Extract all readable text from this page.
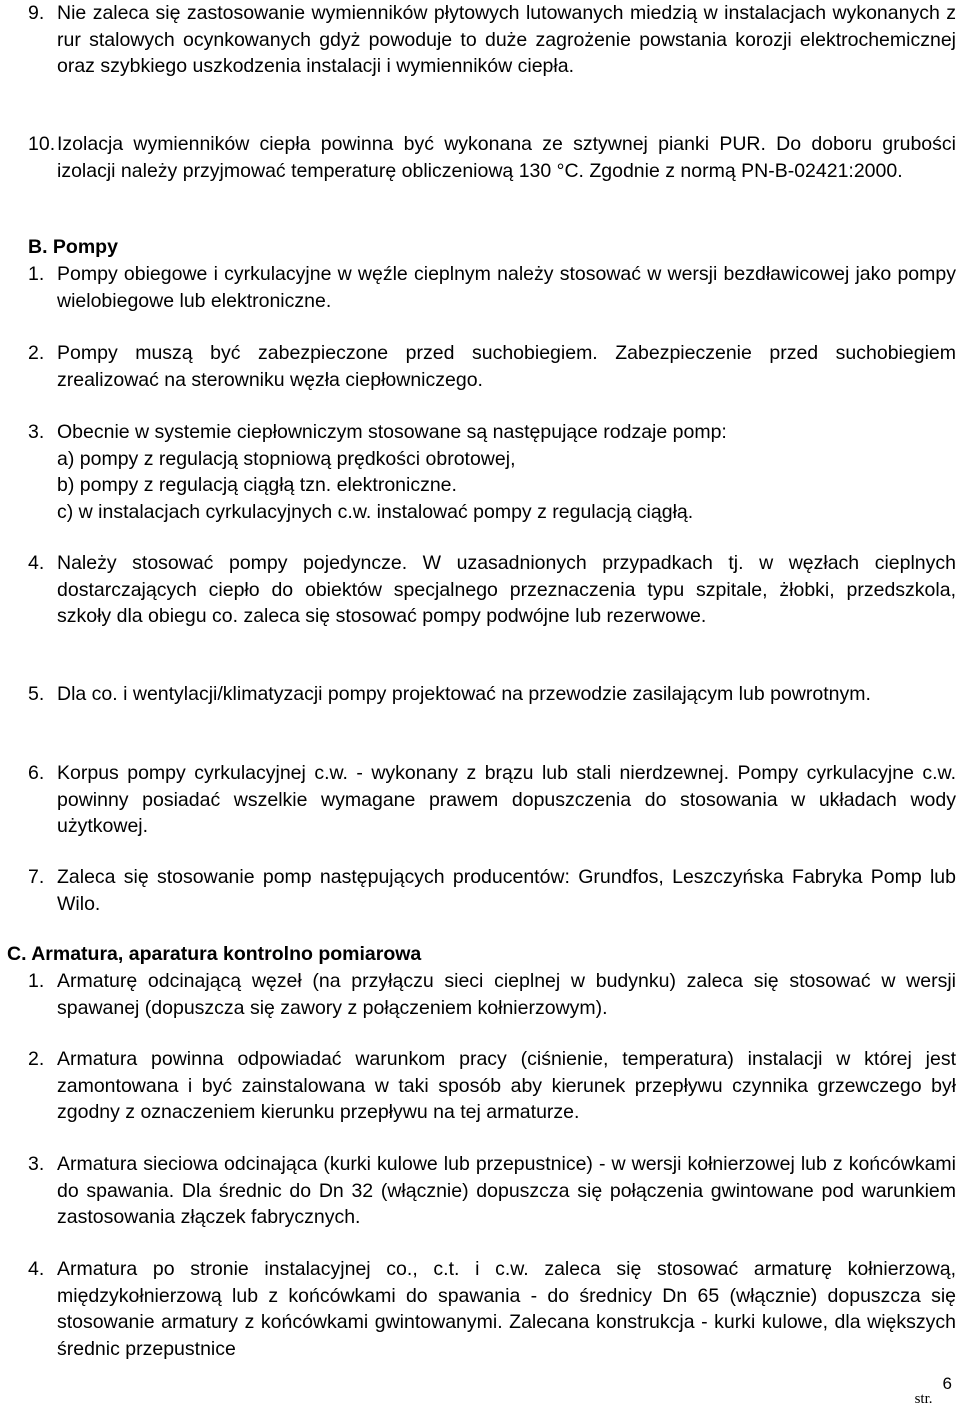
9. Nie zaleca się zastosowanie wymienników płytowych lutowanych miedzią w instalacjach wykonanych z rur stalowych ocynkowanych gdyż powoduje to duże zagrożenie powstania korozji elektrochemicznej oraz szybkiego uszkodzenia instalacji i wymienników ciepła.
10. Izolacja wymienników ciepła powinna być wykonana ze sztywnej pianki PUR. Do doboru grubości izolacji należy przyjmować temperaturę obliczeniową 130 °C. Zgodnie z normą PN-B-02421:2000.
B. Pompy
1. Pompy obiegowe i cyrkulacyjne w węźle cieplnym należy stosować w wersji bezdławicowej jako pompy wielobiegowe lub elektroniczne.
2. Pompy muszą być zabezpieczone przed suchobiegiem. Zabezpieczenie przed suchobiegiem zrealizować na sterowniku węzła ciepłowniczego.
3. Obecnie w systemie ciepłowniczym stosowane są następujące rodzaje pomp:
a) pompy z regulacją stopniową prędkości obrotowej,
b) pompy z regulacją ciągłą tzn. elektroniczne.
c) w instalacjach cyrkulacyjnych c.w. instalować pompy z regulacją ciągłą.
4. Należy stosować pompy pojedyncze. W uzasadnionych przypadkach tj. w węzłach cieplnych dostarczających ciepło do obiektów specjalnego przeznaczenia typu szpitale, żłobki, przedszkola, szkoły dla obiegu co. zaleca się stosować pompy podwójne lub rezerwowe.
5. Dla co. i wentylacji/klimatyzacji pompy projektować na przewodzie zasilającym lub powrotnym.
6. Korpus pompy cyrkulacyjnej c.w. - wykonany z brązu lub stali nierdzewnej. Pompy cyrkulacyjne c.w. powinny posiadać wszelkie wymagane prawem dopuszczenia do stosowania w układach wody użytkowej.
7. Zaleca się stosowanie pomp następujących producentów: Grundfos, Leszczyńska Fabryka Pomp lub Wilo.
C. Armatura, aparatura kontrolno pomiarowa
1. Armaturę odcinającą węzeł (na przyłączu sieci cieplnej w budynku) zaleca się stosować w wersji spawanej (dopuszcza się zawory z połączeniem kołnierzowym).
2. Armatura powinna odpowiadać warunkom pracy (ciśnienie, temperatura) instalacji w której jest zamontowana i być zainstalowana w taki sposób aby kierunek przepływu czynnika grzewczego był zgodny z oznaczeniem kierunku przepływu na tej armaturze.
3. Armatura sieciowa odcinająca (kurki kulowe lub przepustnice) - w wersji kołnierzowej lub z końcówkami do spawania. Dla średnic do Dn 32 (włącznie) dopuszcza się połączenia gwintowane pod warunkiem zastosowania złączek fabrycznych.
4. Armatura po stronie instalacyjnej co., c.t. i c.w. zaleca się stosować armaturę kołnierzową, międzykołnierzową lub z końcówkami do spawania - do średnicy Dn 65 (włącznie) dopuszcza się stosowanie armatury z końcówkami gwintowanymi. Zalecana konstrukcja - kurki kulowe, dla większych średnic przepustnice
str.6
